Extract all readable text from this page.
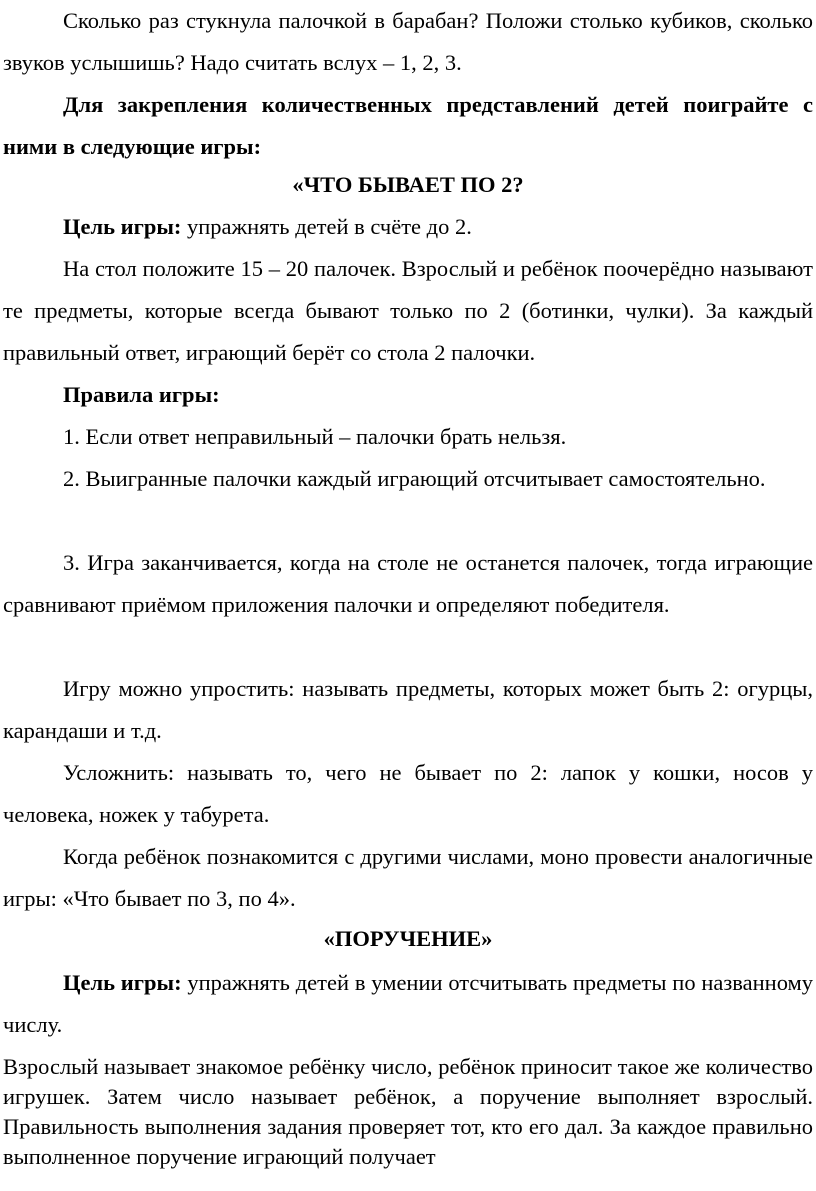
Сколько раз стукнула палочкой в барабан? Положи столько кубиков, сколько звуков услышишь? Надо считать вслух – 1, 2, 3.

Для закрепления количественных представлений детей поиграйте с ними в следующие игры:

«ЧТО БЫВАЕТ ПО 2?

Цель игры: упражнять детей в счёте до 2.

На стол положите 15 – 20 палочек. Взрослый и ребёнок поочерёдно называют те предметы, которые всегда бывают только по 2 (ботинки, чулки). За каждый правильный ответ, играющий берёт со стола 2 палочки.

Правила игры:

1. Если ответ неправильный – палочки брать нельзя.

2. Выигранные палочки каждый играющий отсчитывает самостоятельно.

3. Игра заканчивается, когда на столе не останется палочек, тогда играющие сравнивают приёмом приложения палочки и определяют победителя.

Игру можно упростить: называть предметы, которых может быть 2: огурцы, карандаши и т.д.

Усложнить: называть то, чего не бывает по 2: лапок у кошки, носов у человека, ножек у табурета.

Когда ребёнок познакомится с другими числами, моно провести аналогичные игры: «Что бывает по 3, по 4».

«ПОРУЧЕНИЕ»

Цель игры: упражнять детей в умении отсчитывать предметы по названному числу.

Взрослый называет знакомое ребёнку число, ребёнок приносит такое же количество игрушек. Затем число называет ребёнок, а поручение выполняет взрослый. Правильность выполнения задания проверяет тот, кто его дал. За каждое правильно выполненное поручение играющий получает
